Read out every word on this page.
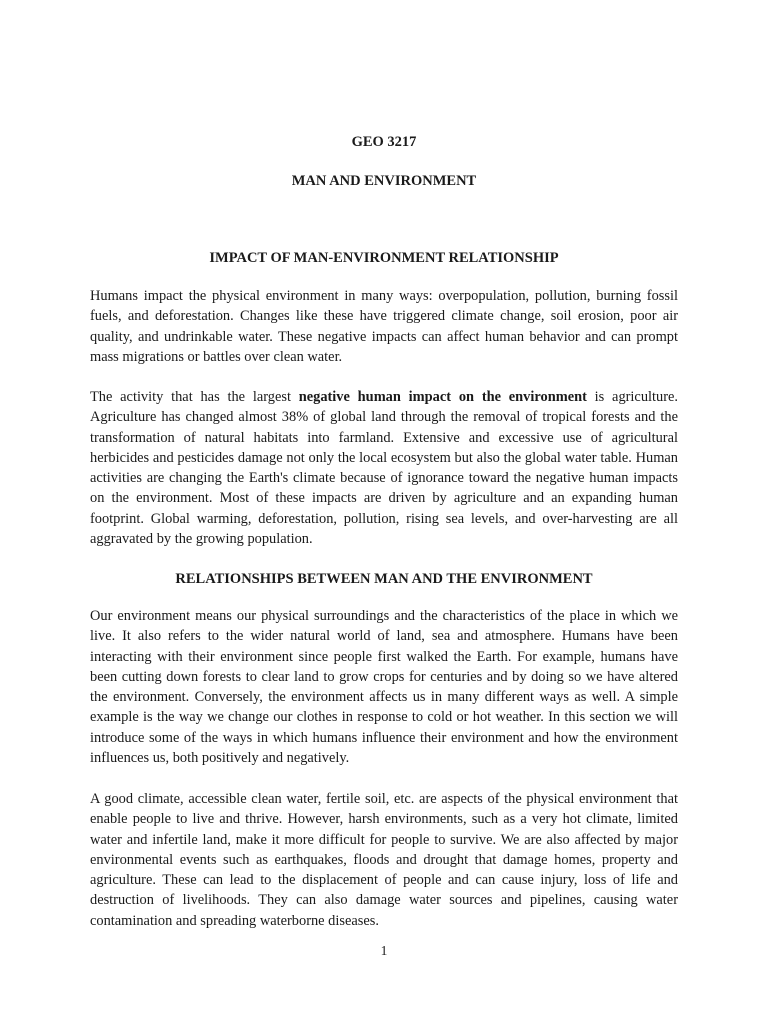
GEO 3217
MAN AND ENVIRONMENT
IMPACT OF MAN-ENVIRONMENT RELATIONSHIP

Humans impact the physical environment in many ways: overpopulation, pollution, burning fossil fuels, and deforestation. Changes like these have triggered climate change, soil erosion, poor air quality, and undrinkable water. These negative impacts can affect human behavior and can prompt mass migrations or battles over clean water.

The activity that has the largest negative human impact on the environment is agriculture. Agriculture has changed almost 38% of global land through the removal of tropical forests and the transformation of natural habitats into farmland. Extensive and excessive use of agricultural herbicides and pesticides damage not only the local ecosystem but also the global water table. Human activities are changing the Earth's climate because of ignorance toward the negative human impacts on the environment. Most of these impacts are driven by agriculture and an expanding human footprint. Global warming, deforestation, pollution, rising sea levels, and over-harvesting are all aggravated by the growing population.

RELATIONSHIPS BETWEEN MAN AND THE ENVIRONMENT

Our environment means our physical surroundings and the characteristics of the place in which we live. It also refers to the wider natural world of land, sea and atmosphere. Humans have been interacting with their environment since people first walked the Earth. For example, humans have been cutting down forests to clear land to grow crops for centuries and by doing so we have altered the environment. Conversely, the environment affects us in many different ways as well. A simple example is the way we change our clothes in response to cold or hot weather. In this section we will introduce some of the ways in which humans influence their environment and how the environment influences us, both positively and negatively.

A good climate, accessible clean water, fertile soil, etc. are aspects of the physical environment that enable people to live and thrive. However, harsh environments, such as a very hot climate, limited water and infertile land, make it more difficult for people to survive. We are also affected by major environmental events such as earthquakes, floods and drought that damage homes, property and agriculture. These can lead to the displacement of people and can cause injury, loss of life and destruction of livelihoods. They can also damage water sources and pipelines, causing water contamination and spreading waterborne diseases.

1
